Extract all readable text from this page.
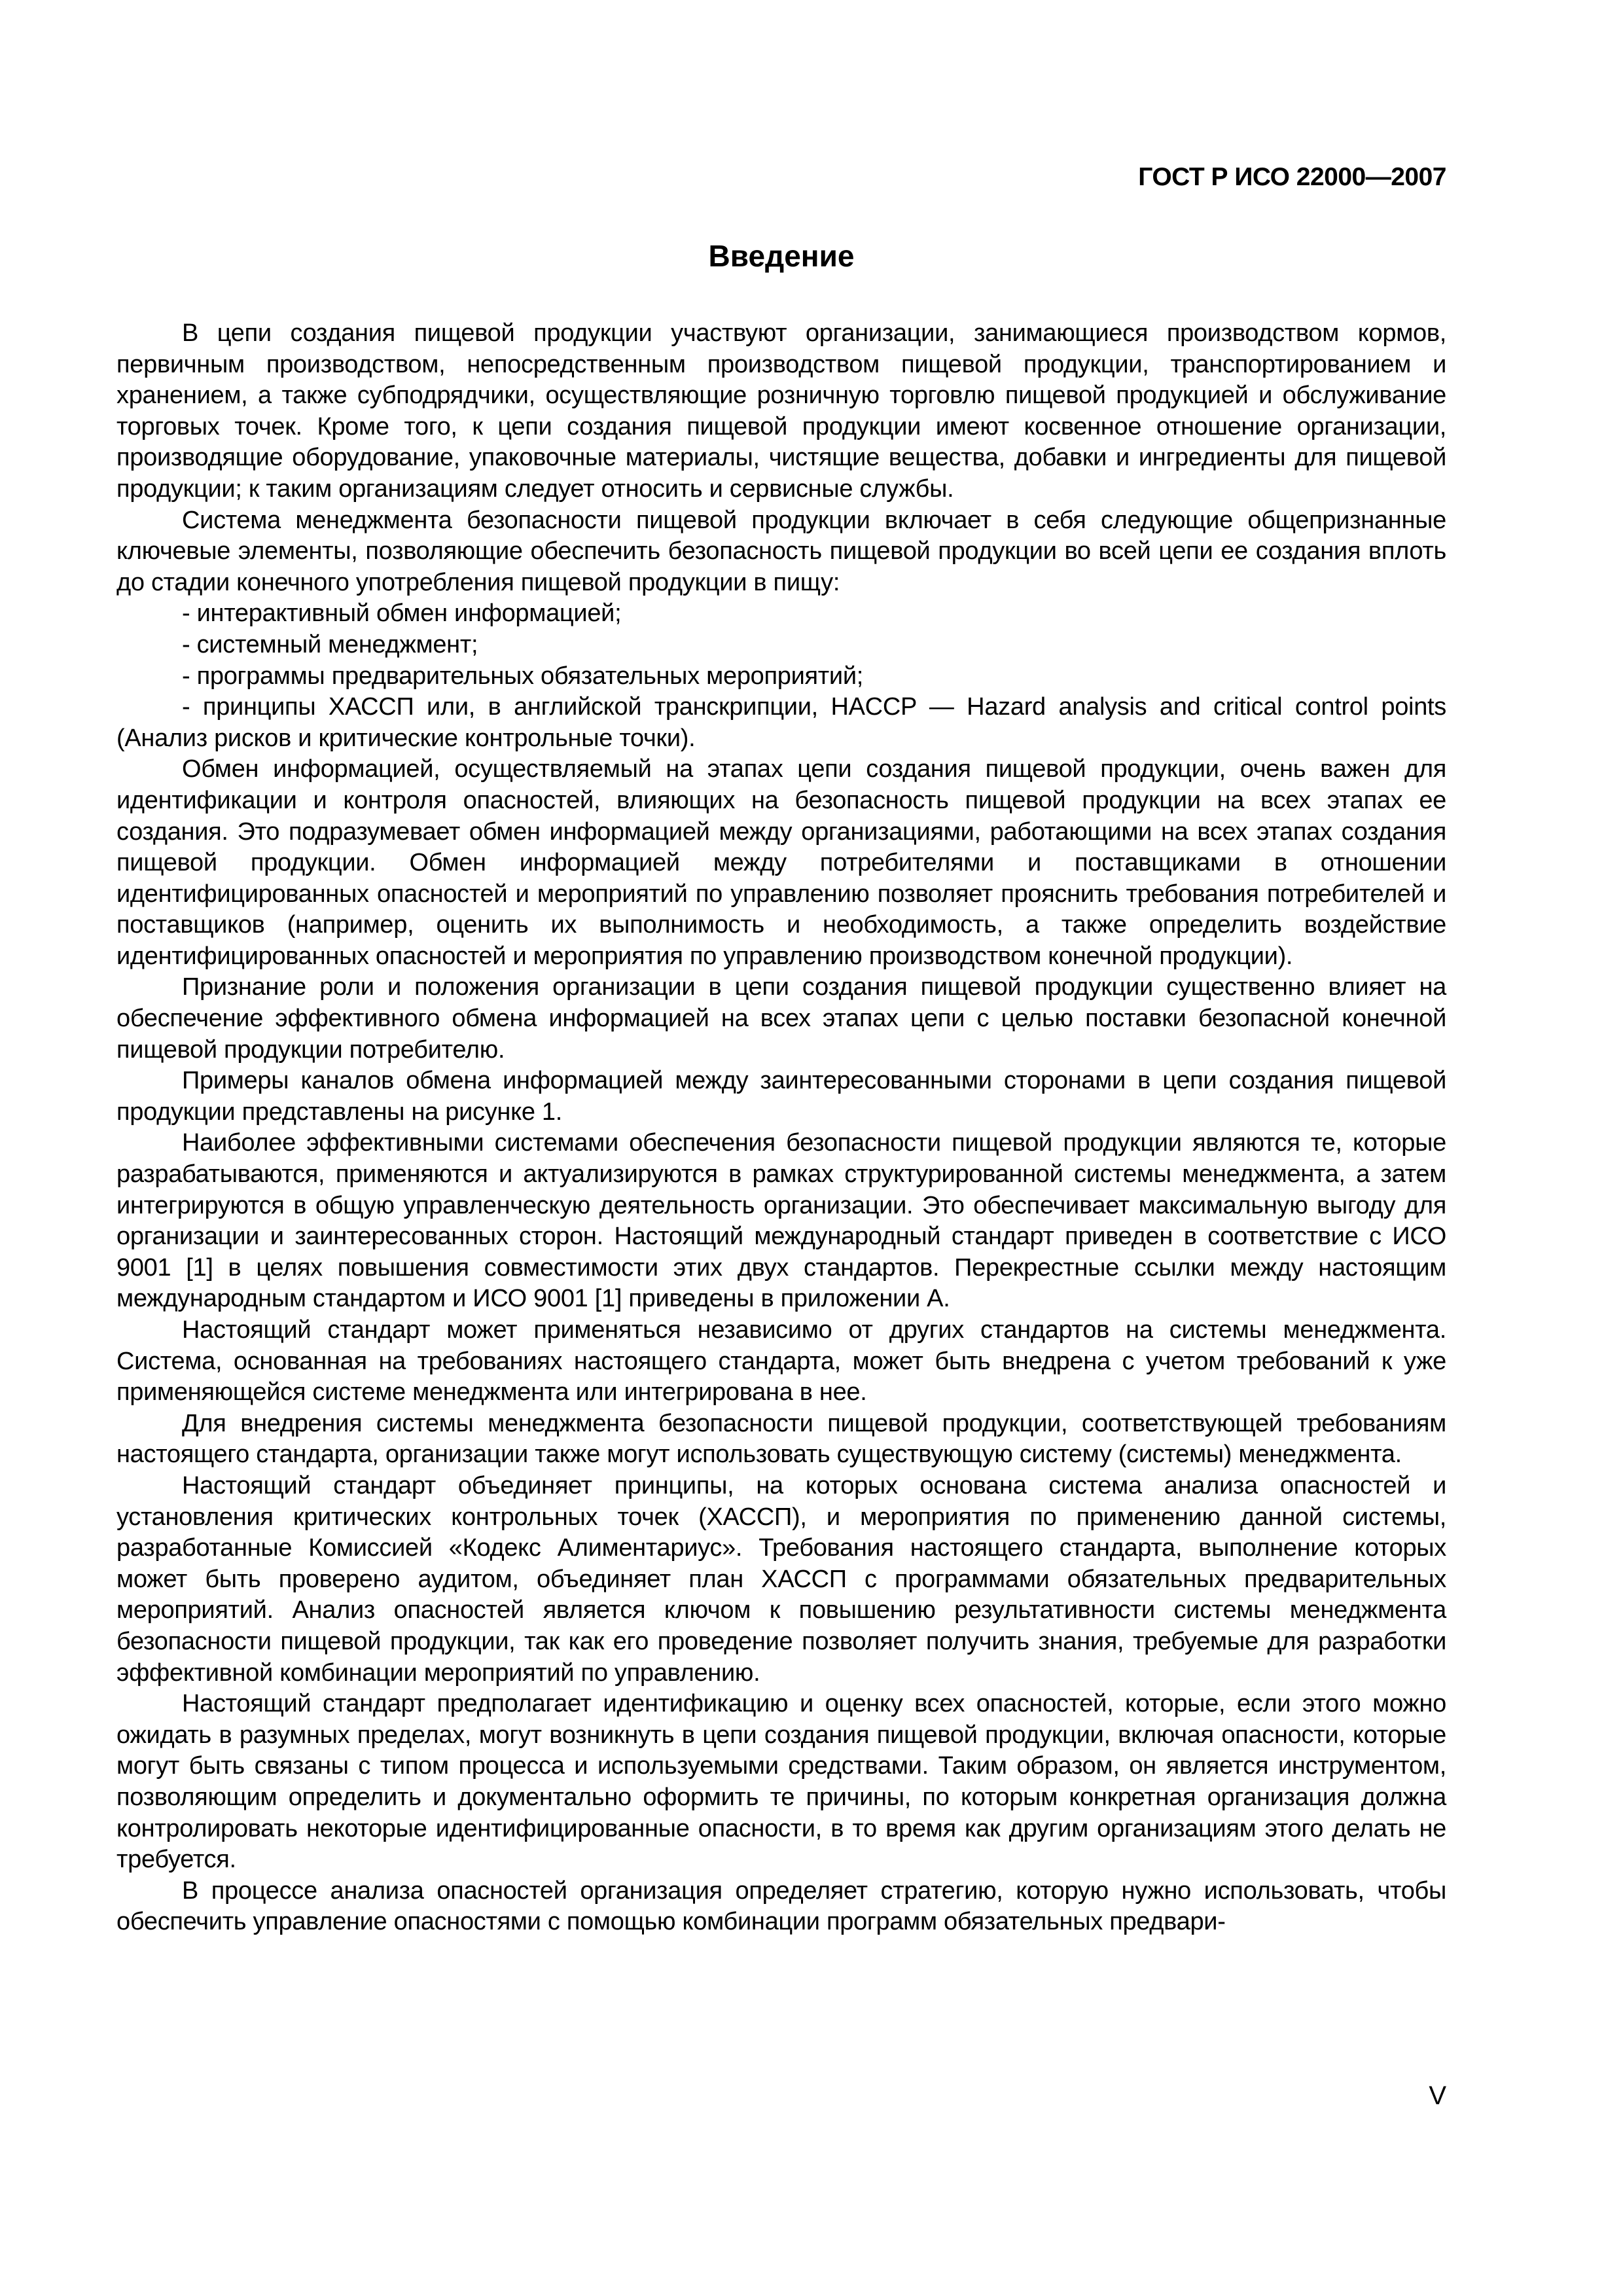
ГОСТ Р ИСО 22000—2007
Введение

В цепи создания пищевой продукции участвуют организации, занимающиеся производством кормов, первичным производством, непосредственным производством пищевой продукции, транспортированием и хранением, а также субподрядчики, осуществляющие розничную торговлю пищевой продукцией и обслуживание торговых точек. Кроме того, к цепи создания пищевой продукции имеют косвенное отношение организации, производящие оборудование, упаковочные материалы, чистящие вещества, добавки и ингредиенты для пищевой продукции; к таким организациям следует относить и сервисные службы.

Система менеджмента безопасности пищевой продукции включает в себя следующие общепризнанные ключевые элементы, позволяющие обеспечить безопасность пищевой продукции во всей цепи ее создания вплоть до стадии конечного употребления пищевой продукции в пищу:

- интерактивный обмен информацией;

- системный менеджмент;

- программы предварительных обязательных мероприятий;

- принципы ХАССП или, в английской транскрипции, HACCP — Hazard analysis and critical control points (Анализ рисков и критические контрольные точки).

Обмен информацией, осуществляемый на этапах цепи создания пищевой продукции, очень важен для идентификации и контроля опасностей, влияющих на безопасность пищевой продукции на всех этапах ее создания. Это подразумевает обмен информацией между организациями, работающими на всех этапах создания пищевой продукции. Обмен информацией между потребителями и поставщиками в отношении идентифицированных опасностей и мероприятий по управлению позволяет прояснить требования потребителей и поставщиков (например, оценить их выполнимость и необходимость, а также определить воздействие идентифицированных опасностей и мероприятия по управлению производством конечной продукции).

Признание роли и положения организации в цепи создания пищевой продукции существенно влияет на обеспечение эффективного обмена информацией на всех этапах цепи с целью поставки безопасной конечной пищевой продукции потребителю.

Примеры каналов обмена информацией между заинтересованными сторонами в цепи создания пищевой продукции представлены на рисунке 1.

Наиболее эффективными системами обеспечения безопасности пищевой продукции являются те, которые разрабатываются, применяются и актуализируются в рамках структурированной системы менеджмента, а затем интегрируются в общую управленческую деятельность организации. Это обеспечивает максимальную выгоду для организации и заинтересованных сторон. Настоящий международный стандарт приведен в соответствие с ИСО 9001 [1] в целях повышения совместимости этих двух стандартов. Перекрестные ссылки между настоящим международным стандартом и ИСО 9001 [1] приведены в приложении А.

Настоящий стандарт может применяться независимо от других стандартов на системы менеджмента. Система, основанная на требованиях настоящего стандарта, может быть внедрена с учетом требований к уже применяющейся системе менеджмента или интегрирована в нее.

Для внедрения системы менеджмента безопасности пищевой продукции, соответствующей требованиям настоящего стандарта, организации также могут использовать существующую систему (системы) менеджмента.

Настоящий стандарт объединяет принципы, на которых основана система анализа опасностей и установления критических контрольных точек (ХАССП), и мероприятия по применению данной системы, разработанные Комиссией «Кодекс Алиментариус». Требования настоящего стандарта, выполнение которых может быть проверено аудитом, объединяет план ХАССП с программами обязательных предварительных мероприятий. Анализ опасностей является ключом к повышению результативности системы менеджмента безопасности пищевой продукции, так как его проведение позволяет получить знания, требуемые для разработки эффективной комбинации мероприятий по управлению.

Настоящий стандарт предполагает идентификацию и оценку всех опасностей, которые, если этого можно ожидать в разумных пределах, могут возникнуть в цепи создания пищевой продукции, включая опасности, которые могут быть связаны с типом процесса и используемыми средствами. Таким образом, он является инструментом, позволяющим определить и документально оформить те причины, по которым конкретная организация должна контролировать некоторые идентифицированные опасности, в то время как другим организациям этого делать не требуется.

В процессе анализа опасностей организация определяет стратегию, которую нужно использовать, чтобы обеспечить управление опасностями с помощью комбинации программ обязательных предвари-

V
